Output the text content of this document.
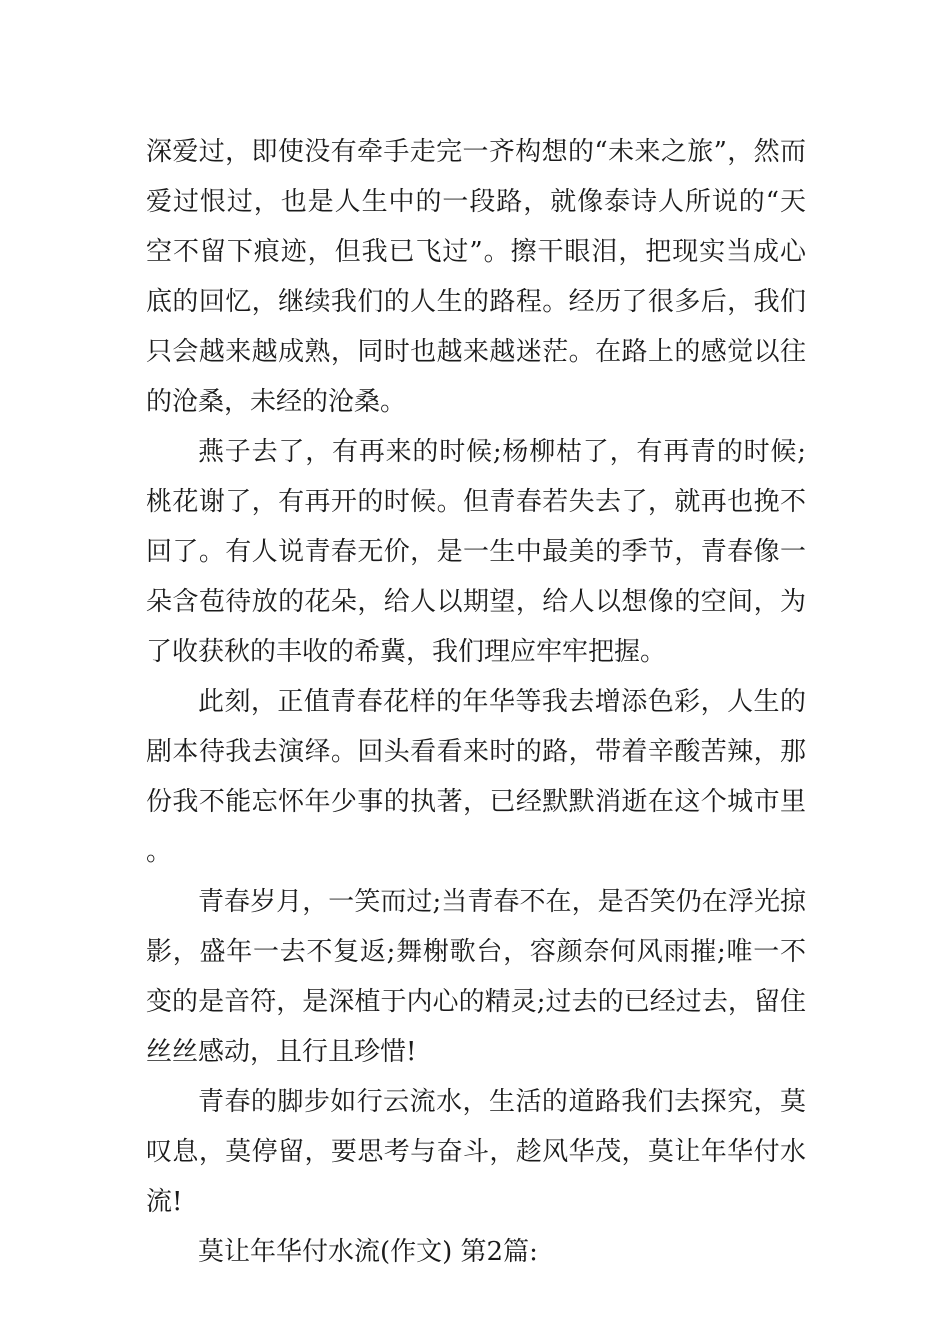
深爱过，即使没有牵手走完一齐构想的“未来之旅”，然而爱过恨过，也是人生中的一段路，就像泰诗人所说的“天空不留下痕迹，但我已飞过”。擦干眼泪，把现实当成心底的回忆，继续我们的人生的路程。经历了很多后，我们只会越来越成熟，同时也越来越迷茫。在路上的感觉以往的沧桑，未经的沧桑。

燕子去了，有再来的时候;杨柳枯了，有再青的时候;桃花谢了，有再开的时候。但青春若失去了，就再也挽不回了。有人说青春无价，是一生中最美的季节，青春像一朵含苞待放的花朵，给人以期望，给人以想像的空间，为了收获秋的丰收的希冀，我们理应牢牢把握。

此刻，正值青春花样的年华等我去增添色彩，人生的剧本待我去演绎。回头看看来时的路，带着辛酸苦辣，那份我不能忘怀年少事的执著，已经默默消逝在这个城市里。

青春岁月，一笑而过;当青春不在，是否笑仍在浮光掠影，盛年一去不复返;舞榭歌台，容颜奈何风雨摧;唯一不变的是音符，是深植于内心的精灵;过去的已经过去，留住丝丝感动，且行且珍惜!

青春的脚步如行云流水，生活的道路我们去探究，莫叹息，莫停留，要思考与奋斗，趁风华茂，莫让年华付水流!

莫让年华付水流(作文) 第2篇:
